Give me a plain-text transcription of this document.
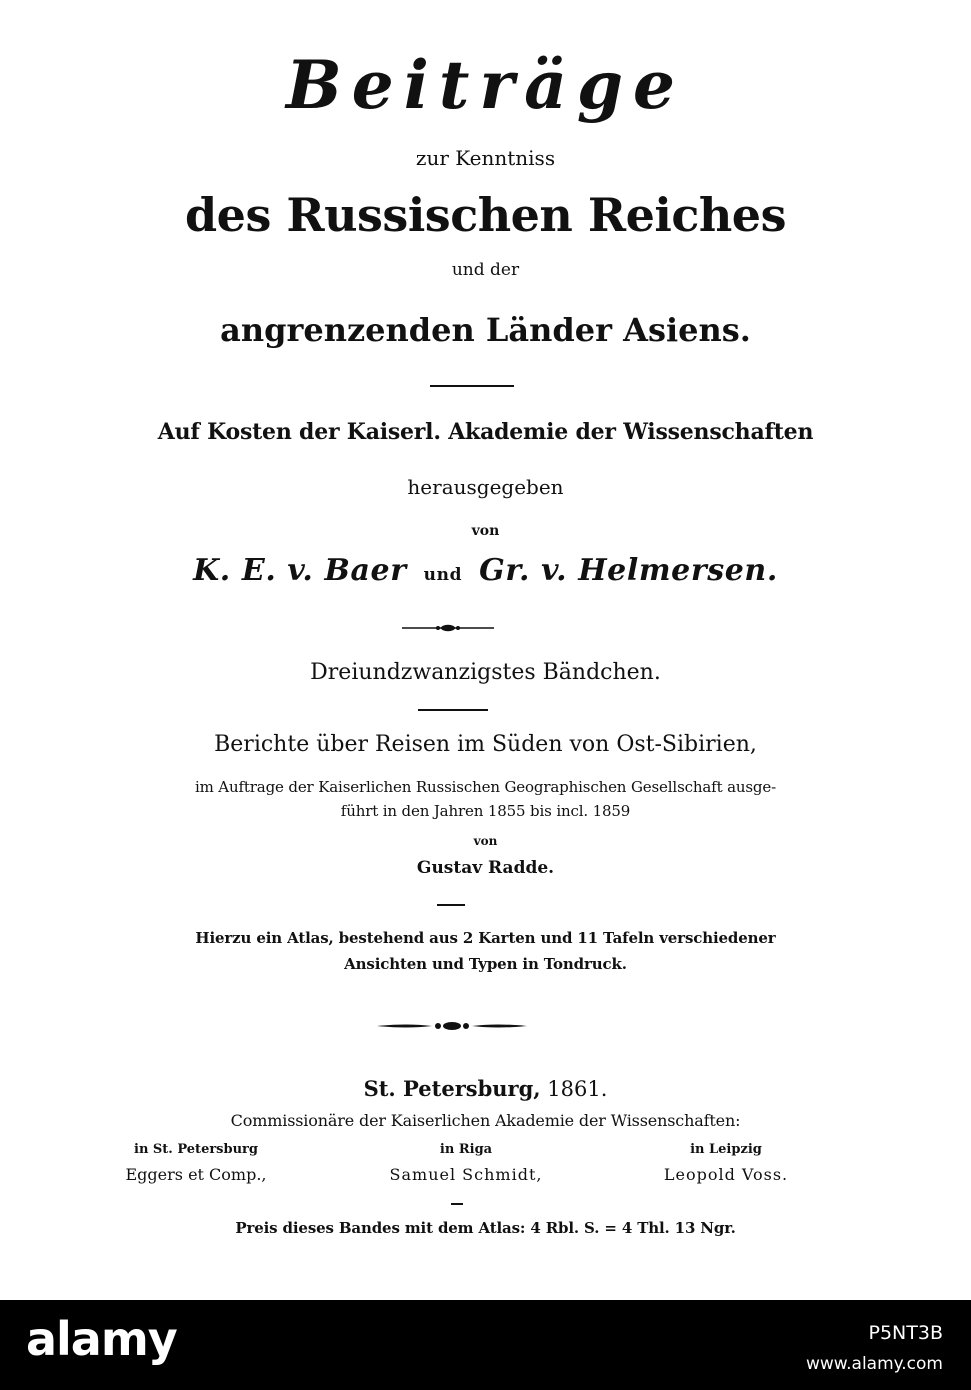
Beiträge
zur Kenntniss
des Russischen Reiches
und der
angrenzenden Länder Asiens.
Auf Kosten der Kaiserl. Akademie der Wissenschaften
herausgegeben
von
K. E. v. Baer und Gr. v. Helmersen.
Dreiundzwanzigstes Bändchen.
Berichte über Reisen im Süden von Ost-Sibirien,
im Auftrage der Kaiserlichen Russischen Geographischen Gesellschaft ausge-
führt in den Jahren 1855 bis incl. 1859
von
Gustav Radde.
Hierzu ein Atlas, bestehend aus 2 Karten und 11 Tafeln verschiedener
Ansichten und Typen in Tondruck.
St. Petersburg, 1861.
Commissionäre der Kaiserlichen Akademie der Wissenschaften:
in St. Petersburg
Eggers et Comp.,
in Riga
Samuel Schmidt,
in Leipzig
Leopold Voss.
Preis dieses Bandes mit dem Atlas: 4 Rbl. S. = 4 Thl. 13 Ngr.
alamy	P5NT3B
www.alamy.com
